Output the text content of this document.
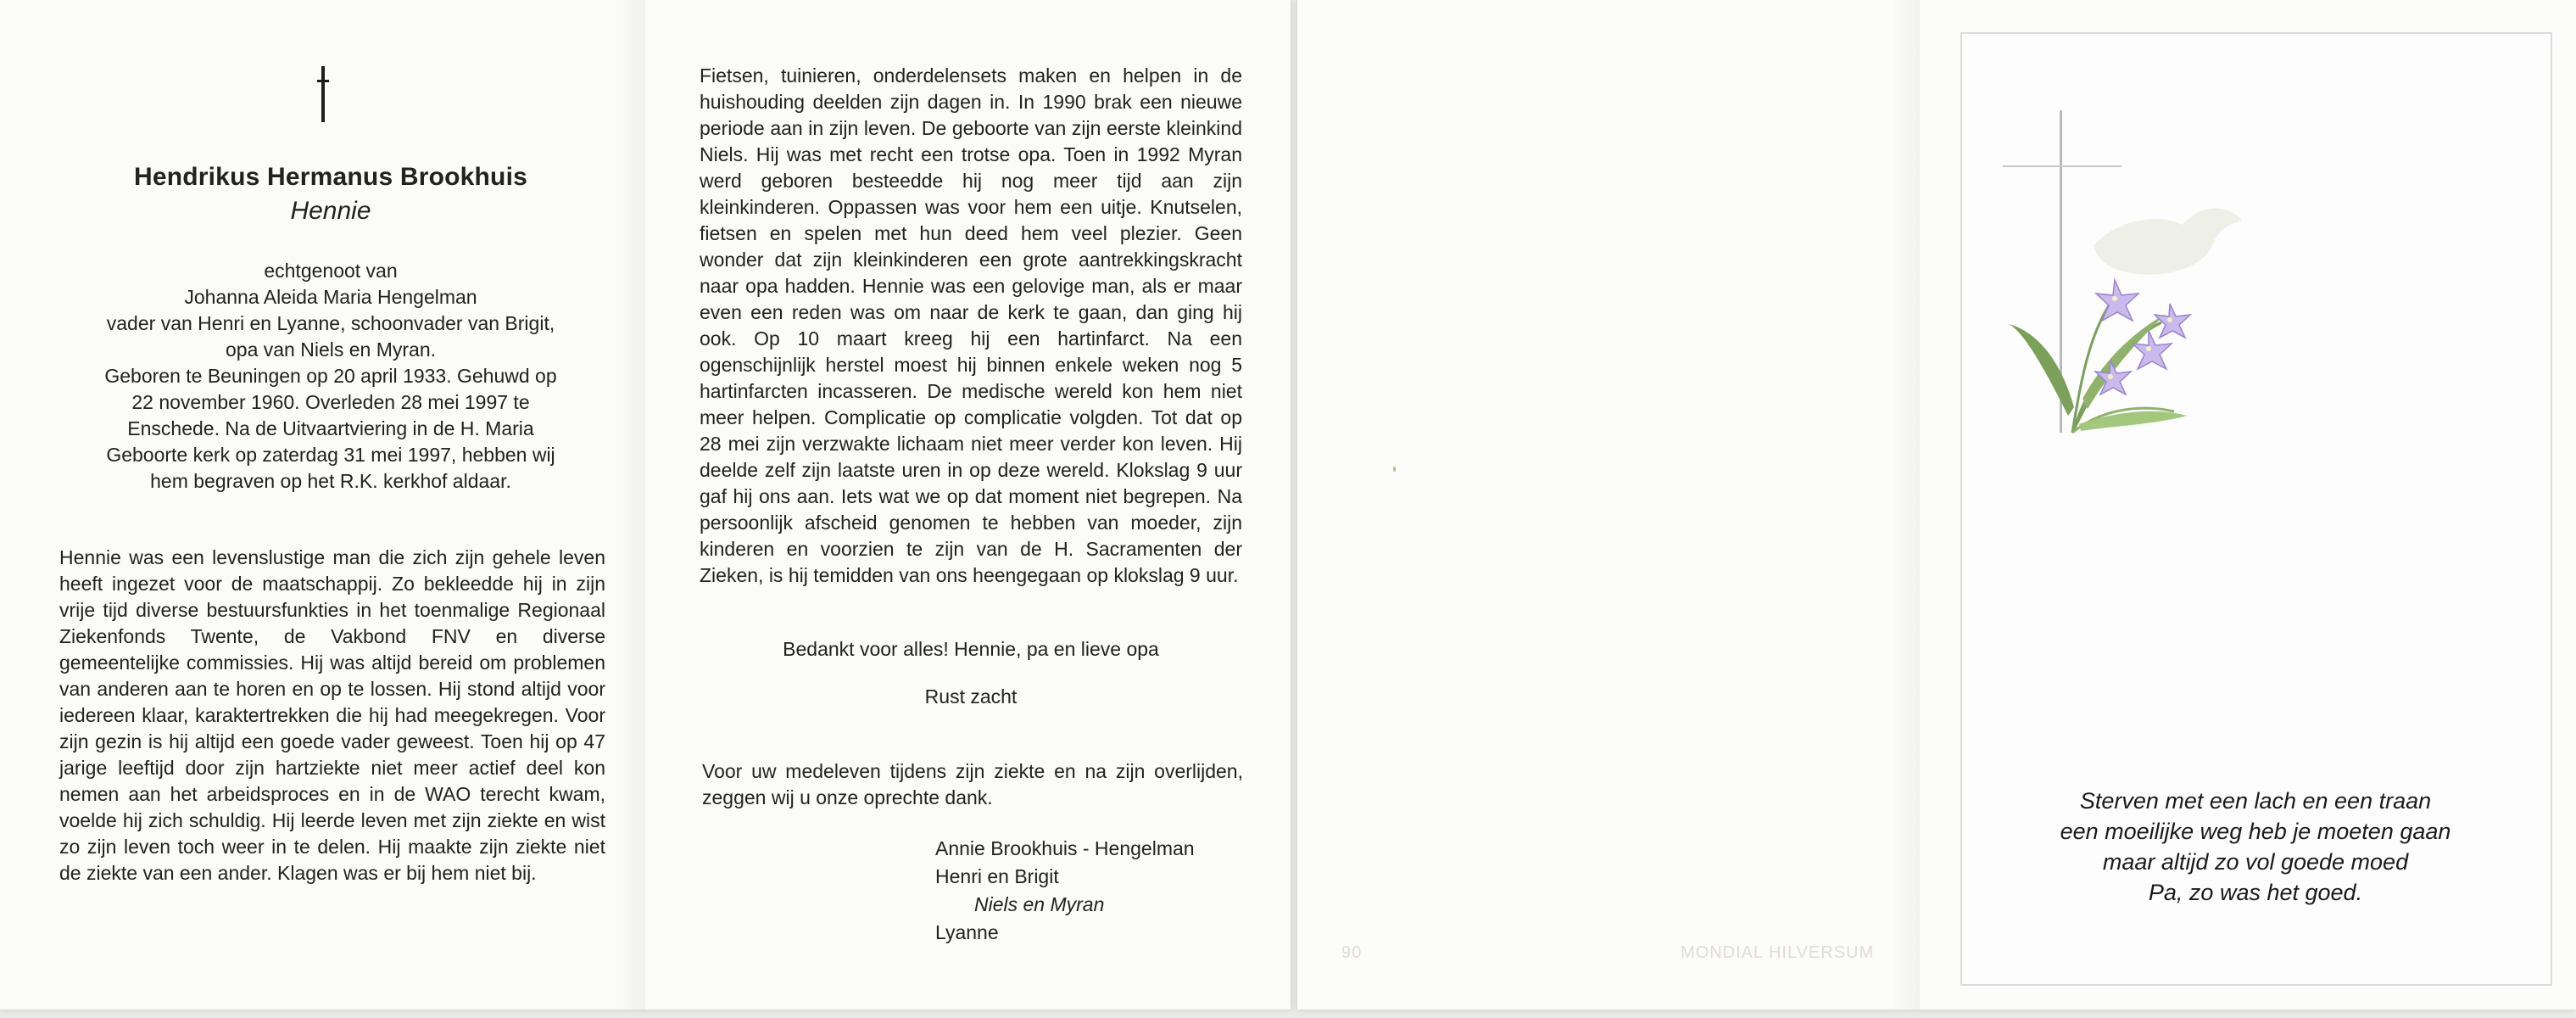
Hendrikus Hermanus Brookhuis
Hennie
echtgenoot van
Johanna Aleida Maria Hengelman
vader van Henri en Lyanne, schoonvader van Brigit,
opa van Niels en Myran.
Geboren te Beuningen op 20 april 1933. Gehuwd op
22 november 1960. Overleden 28 mei 1997 te
Enschede. Na de Uitvaartviering in de H. Maria
Geboorte kerk op zaterdag 31 mei 1997, hebben wij
hem begraven op het R.K. kerkhof aldaar.

Hennie was een levenslustige man die zich zijn gehele leven heeft ingezet voor de maatschappij. Zo bekleedde hij in zijn vrije tijd diverse bestuursfunkties in het toenmalige Regionaal Ziekenfonds Twente, de Vakbond FNV en diverse gemeentelijke commissies. Hij was altijd bereid om problemen van anderen aan te horen en op te lossen. Hij stond altijd voor iedereen klaar, karaktertrekken die hij had meegekregen. Voor zijn gezin is hij altijd een goede vader geweest. Toen hij op 47 jarige leeftijd door zijn hartziekte niet meer actief deel kon nemen aan het arbeidsproces en in de WAO terecht kwam, voelde hij zich schuldig. Hij leerde leven met zijn ziekte en wist zo zijn leven toch weer in te delen. Hij maakte zijn ziekte niet de ziekte van een ander. Klagen was er bij hem niet bij.

Fietsen, tuinieren, onderdelensets maken en helpen in de huishouding deelden zijn dagen in. In 1990 brak een nieuwe periode aan in zijn leven. De geboorte van zijn eerste kleinkind Niels. Hij was met recht een trotse opa. Toen in 1992 Myran werd geboren besteedde hij nog meer tijd aan zijn kleinkinderen. Oppassen was voor hem een uitje. Knutselen, fietsen en spelen met hun deed hem veel plezier. Geen wonder dat zijn kleinkinderen een grote aantrekkingskracht naar opa hadden. Hennie was een gelovige man, als er maar even een reden was om naar de kerk te gaan, dan ging hij ook. Op 10 maart kreeg hij een hartinfarct. Na een ogenschijnlijk herstel moest hij binnen enkele weken nog 5 hartinfarcten incasseren. De medische wereld kon hem niet meer helpen. Complicatie op complicatie volgden. Tot dat op 28 mei zijn verzwakte lichaam niet meer verder kon leven. Hij deelde zelf zijn laatste uren in op deze wereld. Klokslag 9 uur gaf hij ons aan. Iets wat we op dat moment niet begrepen. Na persoonlijk afscheid genomen te hebben van moeder, zijn kinderen en voorzien te zijn van de H. Sacramenten der Zieken, is hij temidden van ons heengegaan op klokslag 9 uur.

Bedankt voor alles! Hennie, pa en lieve opa
Rust zacht

Voor uw medeleven tijdens zijn ziekte en na zijn overlijden, zeggen wij u onze oprechte dank.

Annie Brookhuis - Hengelman
Henri en Brigit
Niels en Myran
Lyanne
90	MONDIAL HILVERSUM
Sterven met een lach en een traan
een moeilijke weg heb je moeten gaan
maar altijd zo vol goede moed
Pa, zo was het goed.
